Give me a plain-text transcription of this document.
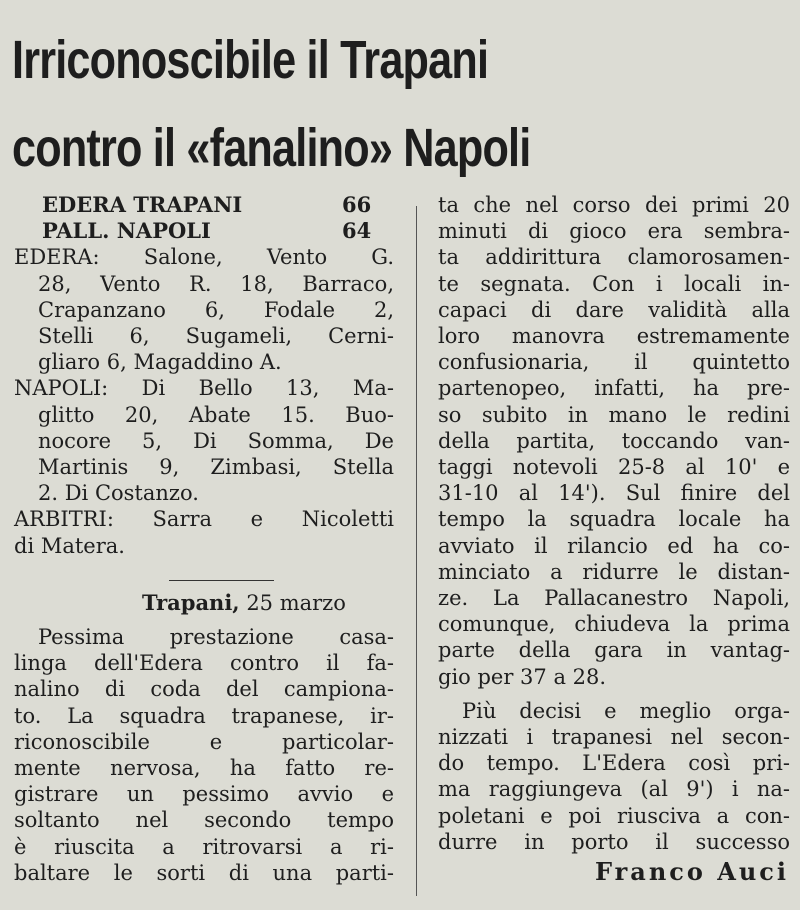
Irriconoscibile il Trapani
contro il «fanalino» Napoli
EDERA TRAPANI	66
PALL. NAPOLI	64

EDERA: Salone, Vento G.

28, Vento R. 18, Barraco,

Crapanzano 6, Fodale 2,

Stelli 6, Sugameli, Cerni-

gliaro 6, Magaddino A.

NAPOLI: Di Bello 13, Ma-

glitto 20, Abate 15. Buo-

nocore 5, Di Somma, De

Martinis 9, Zimbasi, Stella

2. Di Costanzo.

ARBITRI: Sarra e Nicoletti

di Matera.

Trapani, 25 marzo

Pessima prestazione casa-

linga dell'Edera contro il fa-

nalino di coda del campiona-

to. La squadra trapanese, ir-

riconoscibile e particolar-

mente nervosa, ha fatto re-

gistrare un pessimo avvio e

soltanto nel secondo tempo

è riuscita a ritrovarsi a ri-

baltare le sorti di una parti-

ta che nel corso dei primi 20

minuti di gioco era sembra-

ta addirittura clamorosamen-

te segnata. Con i locali in-

capaci di dare validità alla

loro manovra estremamente

confusionaria, il quintetto

partenopeo, infatti, ha pre-

so subito in mano le redini

della partita, toccando van-

taggi notevoli 25-8 al 10' e

31-10 al 14'). Sul finire del

tempo la squadra locale ha

avviato il rilancio ed ha co-

minciato a ridurre le distan-

ze. La Pallacanestro Napoli,

comunque, chiudeva la prima

parte della gara in vantag-

gio per 37 a 28.

Più decisi e meglio orga-

nizzati i trapanesi nel secon-

do tempo. L'Edera così pri-

ma raggiungeva (al 9') i na-

poletani e poi riusciva a con-

durre in porto il successo

Franco Auci
